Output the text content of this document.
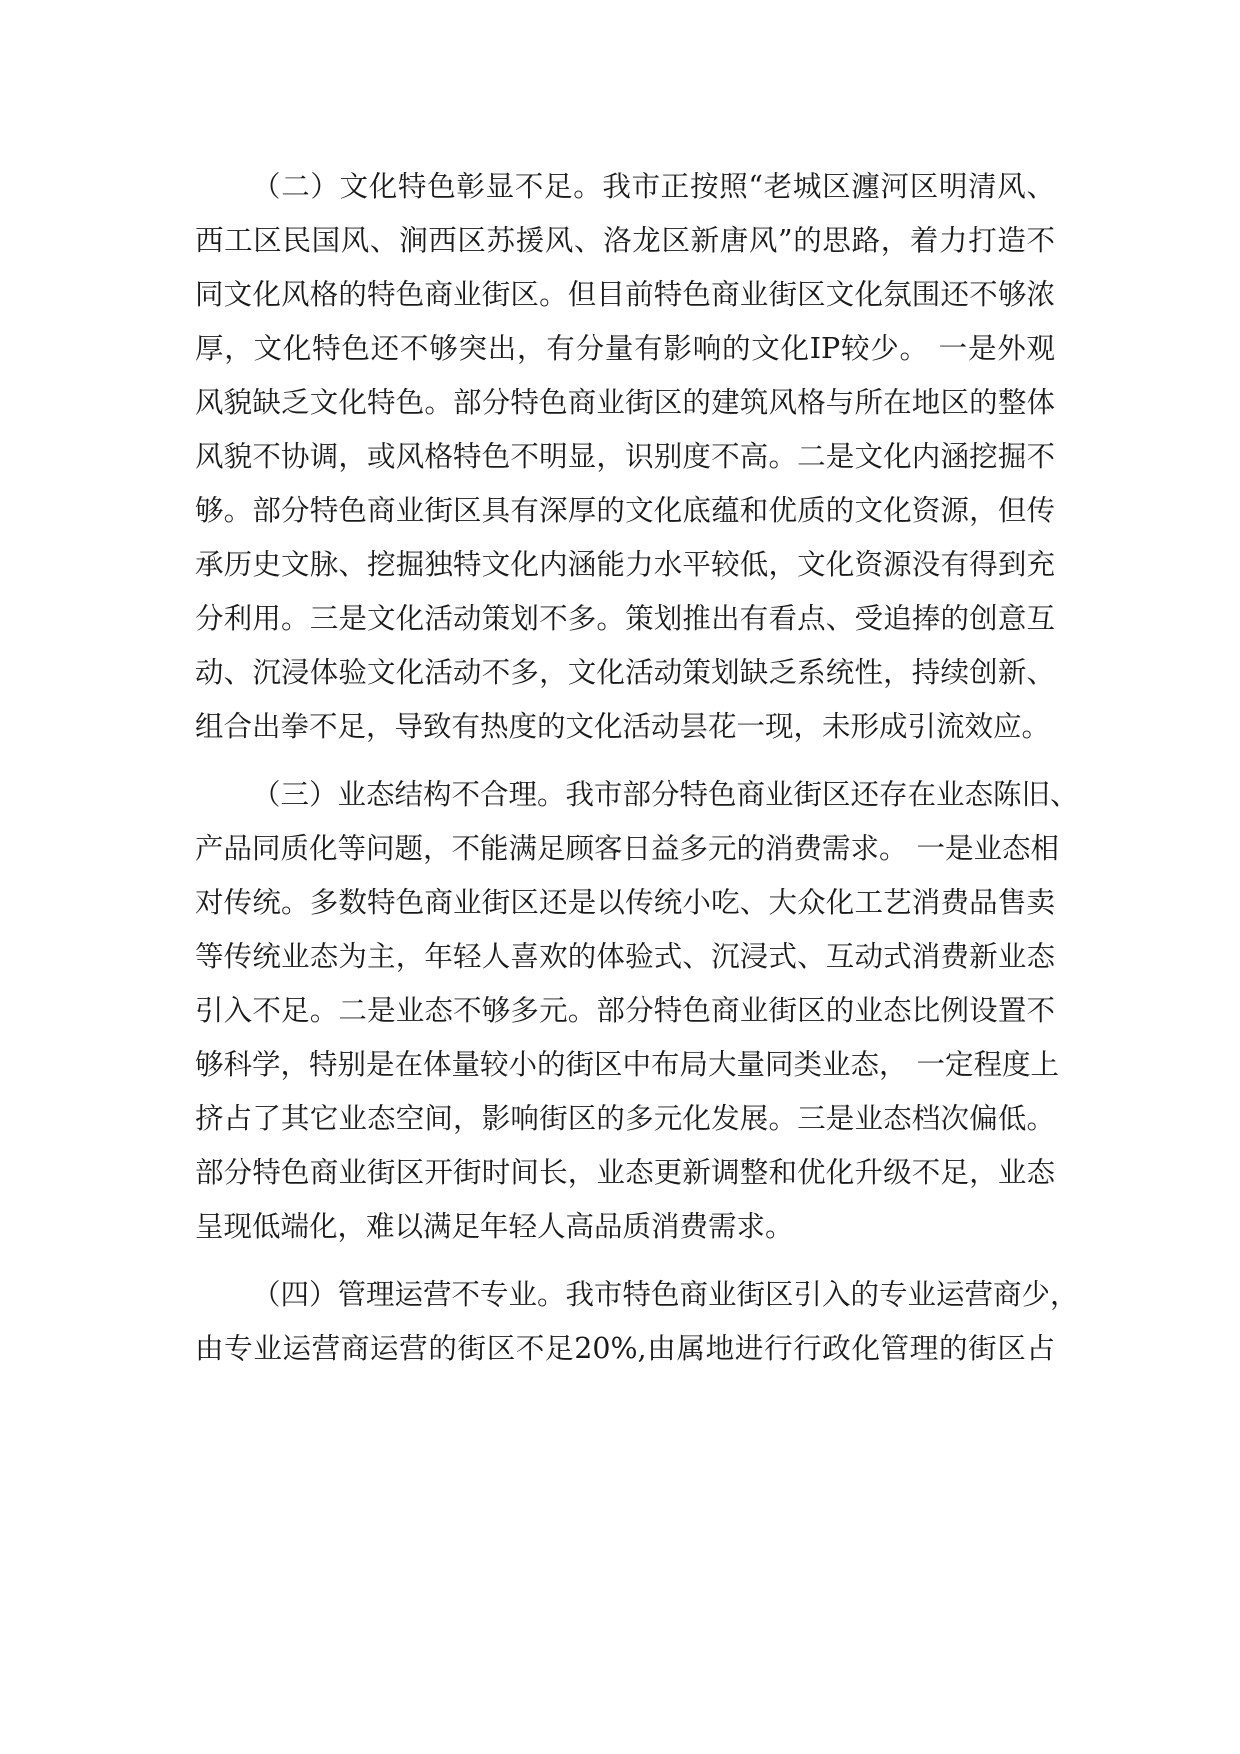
（二）文化特色彰显不足。我市正按照“老城区瀍河区明清风、
西工区民国风、涧西区苏援风、洛龙区新唐风”的思路，着力打造不
同文化风格的特色商业街区。但目前特色商业街区文化氛围还不够浓
厚，文化特色还不够突出，有分量有影响的文化IP较少。 一是外观
风貌缺乏文化特色。部分特色商业街区的建筑风格与所在地区的整体
风貌不协调，或风格特色不明显，识别度不高。二是文化内涵挖掘不
够。部分特色商业街区具有深厚的文化底蕴和优质的文化资源，但传
承历史文脉、挖掘独特文化内涵能力水平较低，文化资源没有得到充
分利用。三是文化活动策划不多。策划推出有看点、受追捧的创意互
动、沉浸体验文化活动不多，文化活动策划缺乏系统性，持续创新、
组合出拳不足，导致有热度的文化活动昙花一现，未形成引流效应。
（三）业态结构不合理。我市部分特色商业街区还存在业态陈旧、
产品同质化等问题，不能满足顾客日益多元的消费需求。 一是业态相
对传统。多数特色商业街区还是以传统小吃、大众化工艺消费品售卖
等传统业态为主，年轻人喜欢的体验式、沉浸式、互动式消费新业态
引入不足。二是业态不够多元。部分特色商业街区的业态比例设置不
够科学，特别是在体量较小的街区中布局大量同类业态， 一定程度上
挤占了其它业态空间，影响街区的多元化发展。三是业态档次偏低。
部分特色商业街区开街时间长，业态更新调整和优化升级不足，业态
呈现低端化，难以满足年轻人高品质消费需求。
（四）管理运营不专业。我市特色商业街区引入的专业运营商少，
由专业运营商运营的街区不足20%,由属地进行行政化管理的街区占
